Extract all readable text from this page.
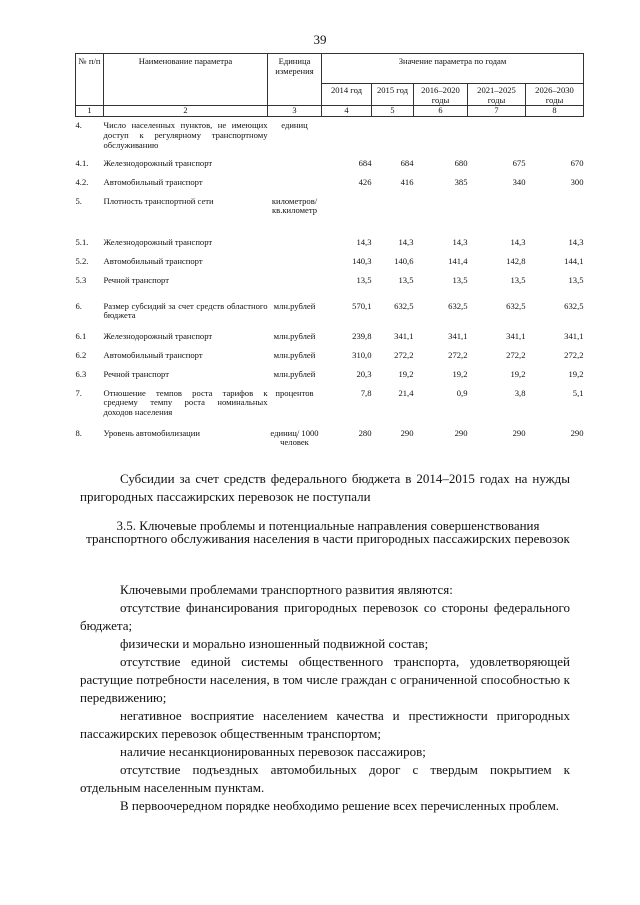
39
№ п/п	Наименование параметра	Единица измерения	Значение параметра по годам				
			2014 год	2015 год	2016–2020 годы	2021–2025 годы	2026–2030 годы
1	2	3	4	5	6	7	8
4.	Число населенных пунктов, не имеющих доступ к регулярному транспортному обслуживанию	единиц					
4.1.	Железнодорожный транспорт		684	684	680	675	670
4.2.	Автомобильный транспорт		426	416	385	340	300
5.	Плотность транспортной сети	километров/ кв.километр					
5.1.	Железнодорожный транспорт		14,3	14,3	14,3	14,3	14,3
5.2.	Автомобильный транспорт		140,3	140,6	141,4	142,8	144,1
5.3	Речной транспорт		13,5	13,5	13,5	13,5	13,5
6.	Размер субсидий за счет средств областного бюджета	млн.рублей	570,1	632,5	632,5	632,5	632,5
6.1	Железнодорожный транспорт	млн.рублей	239,8	341,1	341,1	341,1	341,1
6.2	Автомобильный транспорт	млн.рублей	310,0	272,2	272,2	272,2	272,2
6.3	Речной транспорт	млн.рублей	20,3	19,2	19,2	19,2	19,2
7.	Отношение темпов роста тарифов к среднему темпу роста номинальных доходов населения	процентов	7,8	21,4	0,9	3,8	5,1
8.	Уровень автомобилизации	единиц/ 1000 человек	280	290	290	290	290
Субсидии за счет средств федерального бюджета в 2014–2015 годах на нужды пригородных пассажирских перевозок не поступали
3.5. Ключевые проблемы и потенциальные направления совершенствования транспортного обслуживания населения в части пригородных пассажирских перевозок
Ключевыми проблемами транспортного развития являются:
отсутствие финансирования пригородных перевозок со стороны федерального бюджета;
физически и морально изношенный подвижной состав;
отсутствие единой системы общественного транспорта, удовлетворяющей растущие потребности населения, в том числе граждан с ограниченной способностью к передвижению;
негативное восприятие населением качества и престижности пригородных пассажирских перевозок общественным транспортом;
наличие несанкционированных перевозок пассажиров;
отсутствие подъездных автомобильных дорог с твердым покрытием к отдельным населенным пунктам.
В первоочередном порядке необходимо решение всех перечисленных проблем.
